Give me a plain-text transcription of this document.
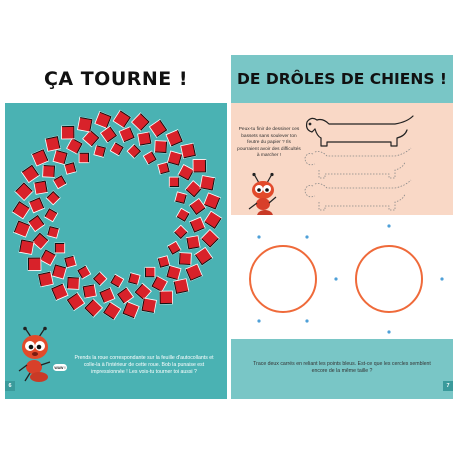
ÇA TOURNE !
WAW !

Prends la roue correspondante sur la feuille d'autocollants et colle-la à l'intérieur de cette roue. Bob la punaise est impressionnée ! Les vois-tu tourner toi aussi ?

6
DE DRÔLES DE CHIENS !

Peux-tu finir de dessiner ces bassets sans soulever ton feutre du papier ? Ils pourraient avoir des difficultés à marcher !

Trace deux carrés en reliant les points bleus. Est-ce que les cercles semblent encore de la même taille ?

7
